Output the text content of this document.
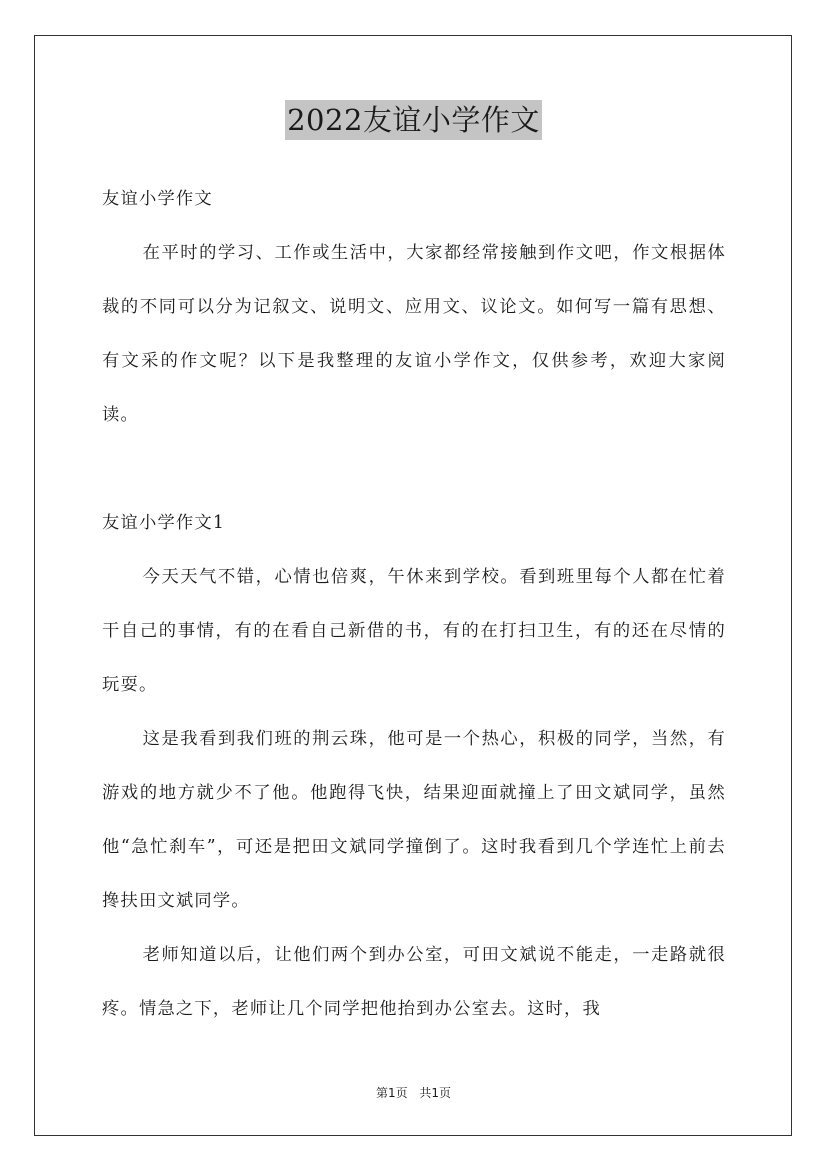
2022友谊小学作文

友谊小学作文

在平时的学习、工作或生活中，大家都经常接触到作文吧，作文根据体裁的不同可以分为记叙文、说明文、应用文、议论文。如何写一篇有思想、有文采的作文呢？以下是我整理的友谊小学作文，仅供参考，欢迎大家阅读。

友谊小学作文1

今天天气不错，心情也倍爽，午休来到学校。看到班里每个人都在忙着干自己的事情，有的在看自己新借的书，有的在打扫卫生，有的还在尽情的玩耍。

这是我看到我们班的荆云珠，他可是一个热心，积极的同学，当然，有游戏的地方就少不了他。他跑得飞快，结果迎面就撞上了田文斌同学，虽然他“急忙刹车”，可还是把田文斌同学撞倒了。这时我看到几个学连忙上前去搀扶田文斌同学。

老师知道以后，让他们两个到办公室，可田文斌说不能走，一走路就很疼。情急之下，老师让几个同学把他抬到办公室去。这时，我

第1页 共1页
